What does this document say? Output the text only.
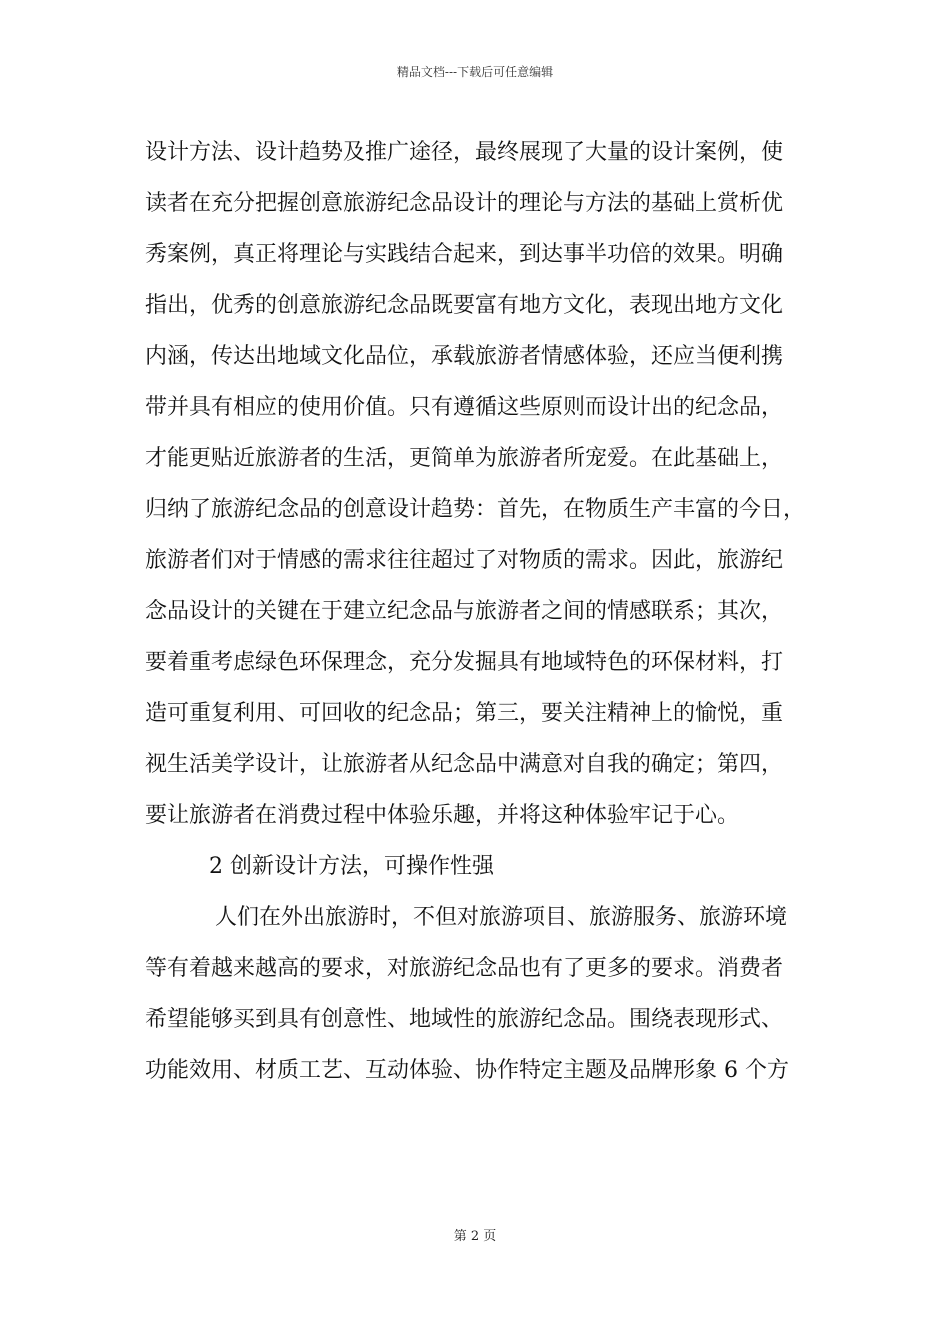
精品文档---下载后可任意编辑
设计方法、设计趋势及推广途径，最终展现了大量的设计案例，使
读者在充分把握创意旅游纪念品设计的理论与方法的基础上赏析优
秀案例，真正将理论与实践结合起来，到达事半功倍的效果。明确
指出，优秀的创意旅游纪念品既要富有地方文化，表现出地方文化
内涵，传达出地域文化品位，承载旅游者情感体验，还应当便利携
带并具有相应的使用价值。只有遵循这些原则而设计出的纪念品，
才能更贴近旅游者的生活，更简单为旅游者所宠爱。在此基础上，
归纳了旅游纪念品的创意设计趋势：首先，在物质生产丰富的今日，
旅游者们对于情感的需求往往超过了对物质的需求。因此，旅游纪
念品设计的关键在于建立纪念品与旅游者之间的情感联系；其次，
要着重考虑绿色环保理念，充分发掘具有地域特色的环保材料，打
造可重复利用、可回收的纪念品；第三，要关注精神上的愉悦，重
视生活美学设计，让旅游者从纪念品中满意对自我的确定；第四，
要让旅游者在消费过程中体验乐趣，并将这种体验牢记于心。
2 创新设计方法，可操作性强
人们在外出旅游时，不但对旅游项目、旅游服务、旅游环境
等有着越来越高的要求，对旅游纪念品也有了更多的要求。消费者
希望能够买到具有创意性、地域性的旅游纪念品。围绕表现形式、
功能效用、材质工艺、互动体验、协作特定主题及品牌形象 6 个方
第 2 页
